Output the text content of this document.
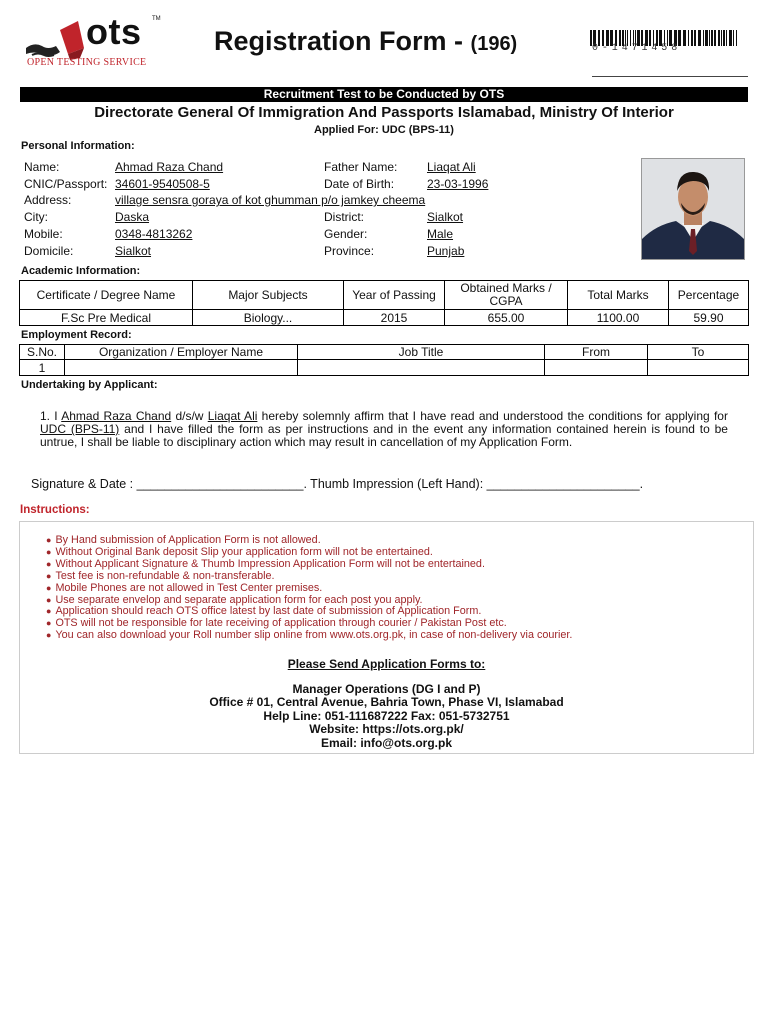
ots TM
OPEN TESTING SERVICE
Registration Form - (196)	0-1471458
Recruitment Test to be Conducted by OTS
Directorate General Of Immigration And Passports Islamabad, Ministry Of Interior
Applied For: UDC (BPS-11)
Personal Information:
Name:	Ahmad Raza Chand	Father Name: Liaqat Ali
CNIC/Passport: 34601-9540508-5	Date of Birth:	23-03-1996
Address:	village sensra goraya of kot ghumman p/o jamkey cheema
City:	Daska	District:	Sialkot
Mobile:	0348-4813262	Gender:	Male
Domicile:	Sialkot	Province:	Punjab
Academic Information:
Certificate / Degree Name	Major Subjects	Year of Passing	Obtained Marks / CGPA	Total Marks	Percentage
F.Sc Pre Medical	Biology...	2015	655.00	1100.00	59.90
Employment Record:
S.No.	Organization / Employer Name	Job Title	From	To
1				
Undertaking by Applicant:
1. I Ahmad Raza Chand d/s/w Liaqat Ali hereby solemnly affirm that I have read and understood the conditions for applying for UDC (BPS-11) and I have filled the form as per instructions and in the event any information contained herein is found to be untrue, I shall be liable to disciplinary action which may result in cancellation of my Application Form.
Signature & Date : ________________________. Thumb Impression (Left Hand): ______________________.
Instructions:
● By Hand submission of Application Form is not allowed.
● Without Original Bank deposit Slip your application form will not be entertained.
● Without Applicant Signature & Thumb Impression Application Form will not be entertained.
● Test fee is non-refundable & non-transferable.
● Mobile Phones are not allowed in Test Center premises.
● Use separate envelop and separate application form for each post you apply.
● Application should reach OTS office latest by last date of submission of Application Form.
● OTS will not be responsible for late receiving of application through courier / Pakistan Post etc.
● You can also download your Roll number slip online from www.ots.org.pk, in case of non-delivery via courier.
Please Send Application Forms to:
Manager Operations (DG I and P)
Office # 01, Central Avenue, Bahria Town, Phase VI, Islamabad
Help Line: 051-111687222 Fax: 051-5732751
Website: https://ots.org.pk/
Email: info@ots.org.pk
